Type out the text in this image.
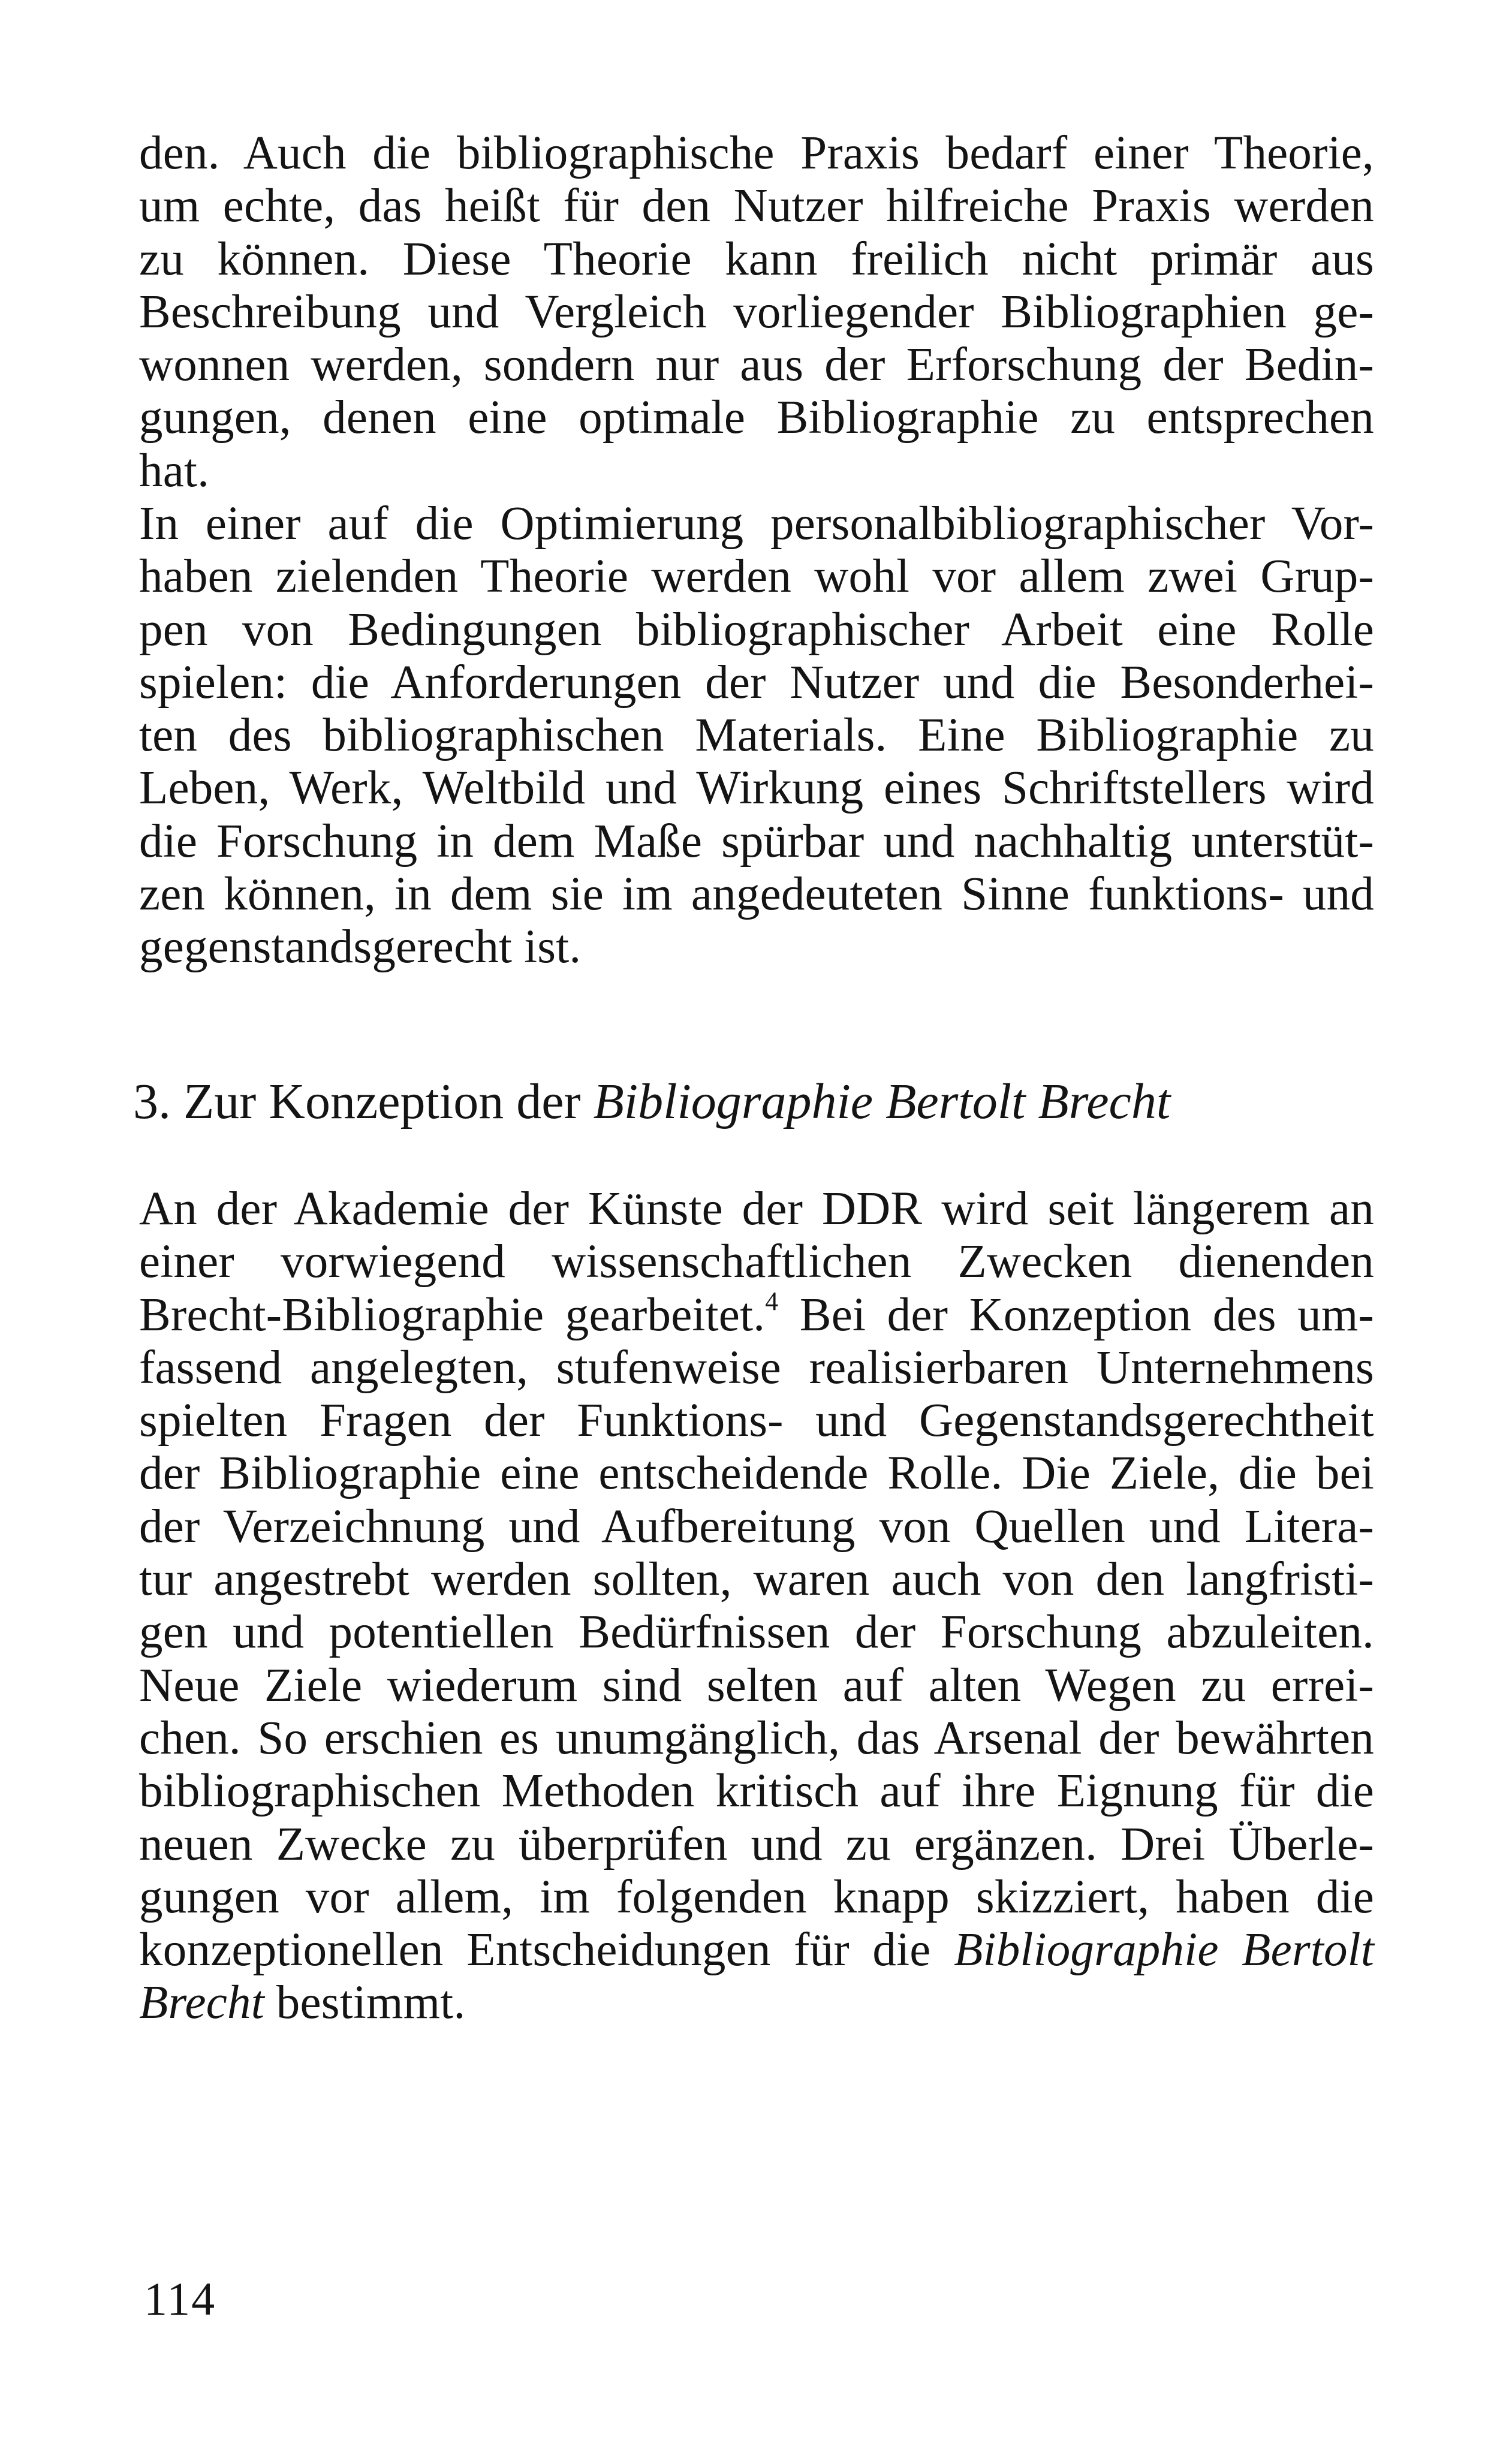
den. Auch die bibliographische Praxis bedarf einer Theorie,
um echte, das heißt für den Nutzer hilfreiche Praxis werden
zu können. Diese Theorie kann freilich nicht primär aus
Beschreibung und Vergleich vorliegender Bibliographien ge-
wonnen werden, sondern nur aus der Erforschung der Bedin-
gungen, denen eine optimale Bibliographie zu entsprechen
hat.
In einer auf die Optimierung personalbibliographischer Vor-
haben zielenden Theorie werden wohl vor allem zwei Grup-
pen von Bedingungen bibliographischer Arbeit eine Rolle
spielen: die Anforderungen der Nutzer und die Besonderhei-
ten des bibliographischen Materials. Eine Bibliographie zu
Leben, Werk, Weltbild und Wirkung eines Schriftstellers wird
die Forschung in dem Maße spürbar und nachhaltig unterstüt-
zen können, in dem sie im angedeuteten Sinne funktions- und
gegenstandsgerecht ist.
3. Zur Konzeption der Bibliographie Bertolt Brecht
An der Akademie der Künste der DDR wird seit längerem an
einer vorwiegend wissenschaftlichen Zwecken dienenden
Brecht-Bibliographie gearbeitet.$^4$ Bei der Konzeption des um-
fassend angelegten, stufenweise realisierbaren Unternehmens
spielten Fragen der Funktions- und Gegenstandsgerechtheit
der Bibliographie eine entscheidende Rolle. Die Ziele, die bei
der Verzeichnung und Aufbereitung von Quellen und Litera-
tur angestrebt werden sollten, waren auch von den langfristi-
gen und potentiellen Bedürfnissen der Forschung abzuleiten.
Neue Ziele wiederum sind selten auf alten Wegen zu errei-
chen. So erschien es unumgänglich, das Arsenal der bewährten
bibliographischen Methoden kritisch auf ihre Eignung für die
neuen Zwecke zu überprüfen und zu ergänzen. Drei Überle-
gungen vor allem, im folgenden knapp skizziert, haben die
konzeptionellen Entscheidungen für die Bibliographie Bertolt
Brecht bestimmt.
114
